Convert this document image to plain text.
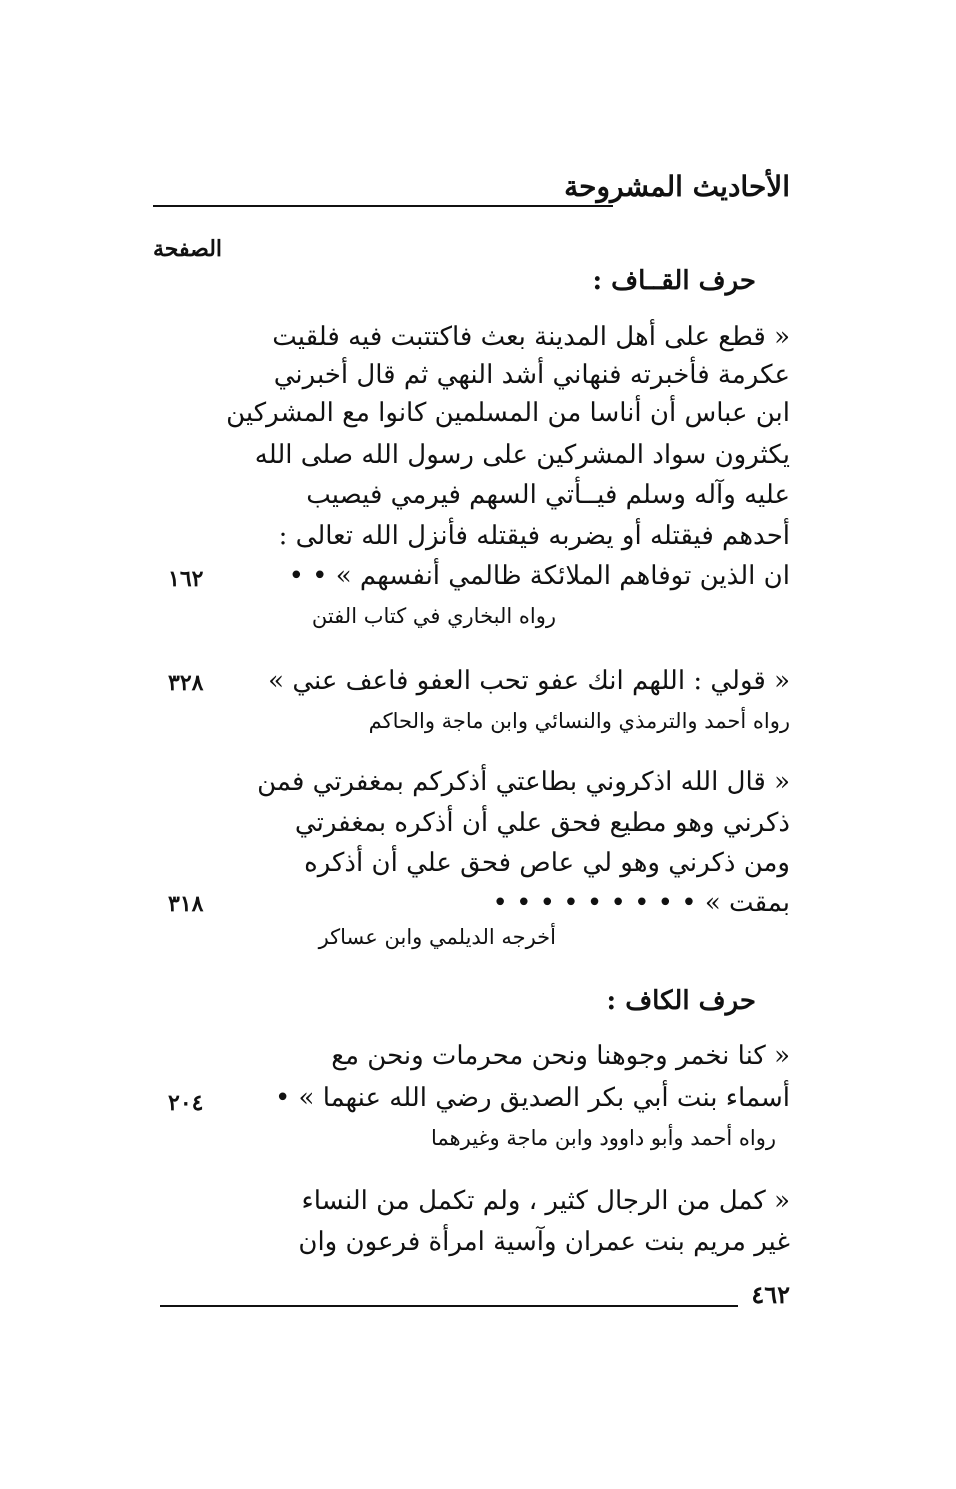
الأحاديث المشروحة
الصفحة
حرف القــاف :
« قطع على أهل المدينة بعث فاكتتبت فيه فلقيت
عكرمة فأخبرته فنهاني أشد النهي ثم قال أخبرني
ابن عباس أن أناسا من المسلمين كانوا مع المشركين
يكثرون سواد المشركين على رسول الله صلى الله
عليه وآله وسلم فيــأتي السهم فيرمي فيصيب
أحدهم فيقتله أو يضربه فيقتله فأنزل الله تعالى :
ان الذين توفاهم الملائكة ظالمي أنفسهم » • •
١٦٢
رواه البخاري في كتاب الفتن
« قولي : اللهم انك عفو تحب العفو فاعف عني »
٣٢٨
رواه أحمد والترمذي والنسائي وابن ماجة والحاكم
« قال الله اذكروني بطاعتي أذكركم بمغفرتي فمن
ذكرني وهو مطيع فحق علي أن أذكره بمغفرتي
ومن ذكرني وهو لي عاص فحق علي أن أذكره
بمقت » • • • • • • • • •
٣١٨
أخرجه الديلمي وابن عساكر
حرف الكاف :
« كنا نخمر وجوهنا ونحن محرمات ونحن مع
أسماء بنت أبي بكر الصديق رضي الله عنهما » •
٢٠٤
رواه أحمد وأبو داوود وابن ماجة وغيرهما
« كمل من الرجال كثير ، ولم تكمل من النساء
غير مريم بنت عمران وآسية امرأة فرعون وان
٤٦٢
